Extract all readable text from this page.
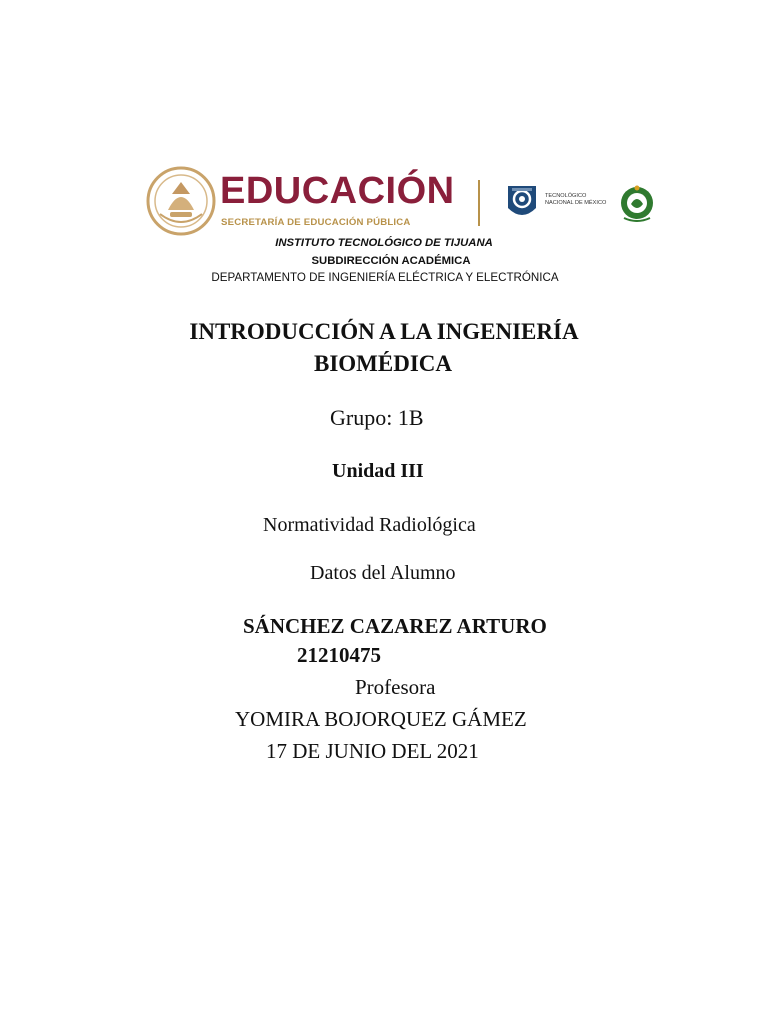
EDUCACIÓN
SECRETARÍA DE EDUCACIÓN PÚBLICA
TECNOLÓGICO
NACIONAL DE MÉXICO
INSTITUTO TECNOLÓGICO DE TIJUANA
SUBDIRECCIÓN ACADÉMICA
DEPARTAMENTO DE INGENIERÍA ELÉCTRICA Y ELECTRÓNICA
INTRODUCCIÓN A LA INGENIERÍA
BIOMÉDICA
Grupo: 1B
Unidad III
Normatividad Radiológica
Datos del Alumno
SÁNCHEZ CAZAREZ ARTURO
21210475
Profesora
YOMIRA BOJORQUEZ GÁMEZ
17 DE JUNIO DEL 2021
